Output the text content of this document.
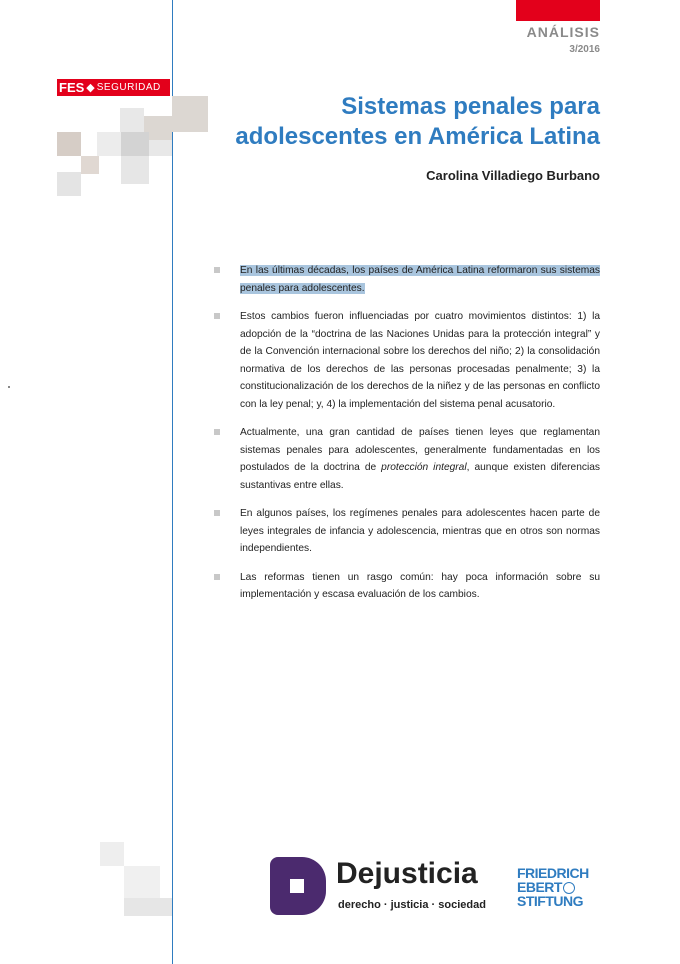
ANÁLISIS
3/2016
FES ◆ SEGURIDAD
Sistemas penales para
adolescentes en América Latina
Carolina Villadiego Burbano
En las últimas décadas, los países de América Latina reformaron sus sistemas penales para adolescentes.
Estos cambios fueron influenciadas por cuatro movimientos distintos: 1) la adopción de la “doctrina de las Naciones Unidas para la protección integral” y de la Convención internacional sobre los derechos del niño; 2) la consolidación normativa de los derechos de las personas procesadas penalmente; 3) la constitucionalización de los derechos de la niñez y de las personas en conflicto con la ley penal; y, 4) la implementación del sistema penal acusatorio.
Actualmente, una gran cantidad de países tienen leyes que reglamentan sistemas penales para adolescentes, generalmente fundamentadas en los postulados de la doctrina de protección integral, aunque existen diferencias sustantivas entre ellas.
En algunos países, los regímenes penales para adolescentes hacen parte de leyes integrales de infancia y adolescencia, mientras que en otros son normas independientes.
Las reformas tienen un rasgo común: hay poca información sobre su implementación y escasa evaluación de los cambios.
Dejusticia
derecho · justicia · sociedad
FRIEDRICH
EBERT
STIFTUNG
